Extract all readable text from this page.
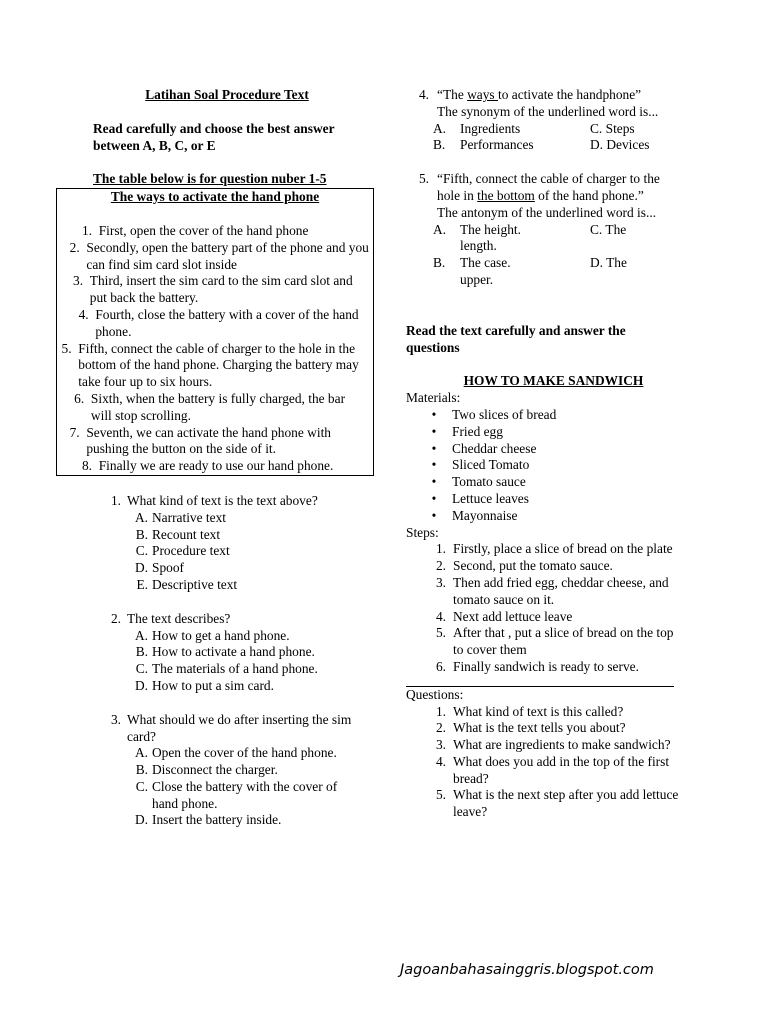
Latihan Soal Procedure Text

Read carefully and choose the best answer between A, B, C, or E

The table below is for question nuber 1-5

The ways to activate the hand phone
1.
First, open the cover of the hand phone
2.
Secondly, open the battery part of the phone and you can find sim card slot inside
3.
Third, insert the sim card to the sim card slot and put back the battery.
4.
Fourth, close the battery with a cover of the hand phone.
5.
Fifth, connect the cable of charger to the hole in the bottom of the hand phone. Charging the battery may take four up to six hours.
6.
Sixth, when the battery is fully charged, the bar will stop scrolling.
7.
Seventh, we can activate the hand phone with pushing the button on the side of it.
8.
Finally we are ready to use our hand phone.
1. What kind of text is the text above?
A. Narrative text
B. Recount text
C. Procedure text
D. Spoof
E. Descriptive text
2. The text describes?
A. How to get a hand phone.
B. How to activate a hand phone.
C. The materials of a hand phone.
D. How to put a sim card.
3. What should we do after inserting the sim card?
A. Open the cover of the hand phone.
B. Disconnect the charger.
C. Close the battery with the cover of hand phone.
D. Insert the battery inside.
4. “The ways to activate the handphone”
The synonym of the underlined word is...
A.	Ingredients	C. Steps
B.	Performances	D. Devices
5. “Fifth, connect the cable of charger to the hole in the bottom of the hand phone.”
The antonym of the underlined word is...
A.	The height.	C. The
length.
B.	The case.	D. The
upper.

Read the text carefully and answer the questions

HOW TO MAKE SANDWICH

Materials:

•	Two slices of bread
•	Fried egg
•	Cheddar cheese
•	Sliced Tomato
•	Tomato sauce
•	Lettuce leaves
•	Mayonnaise

Steps:

1. Firstly, place a slice of bread on the plate
2. Second, put the tomato sauce.
3. Then add fried egg, cheddar cheese, and tomato sauce on it.
4. Next add lettuce leave
5. After that , put a slice of bread on the top to cover them
6. Finally sandwich is ready to serve.

Questions:

1. What kind of text is this called?
2. What is the text tells you about?
3. What are ingredients to make sandwich?
4. What does you add in the top of the first bread?
5. What is the next step after you add lettuce leave?
Jagoanbahasainggris.blogspot.com
